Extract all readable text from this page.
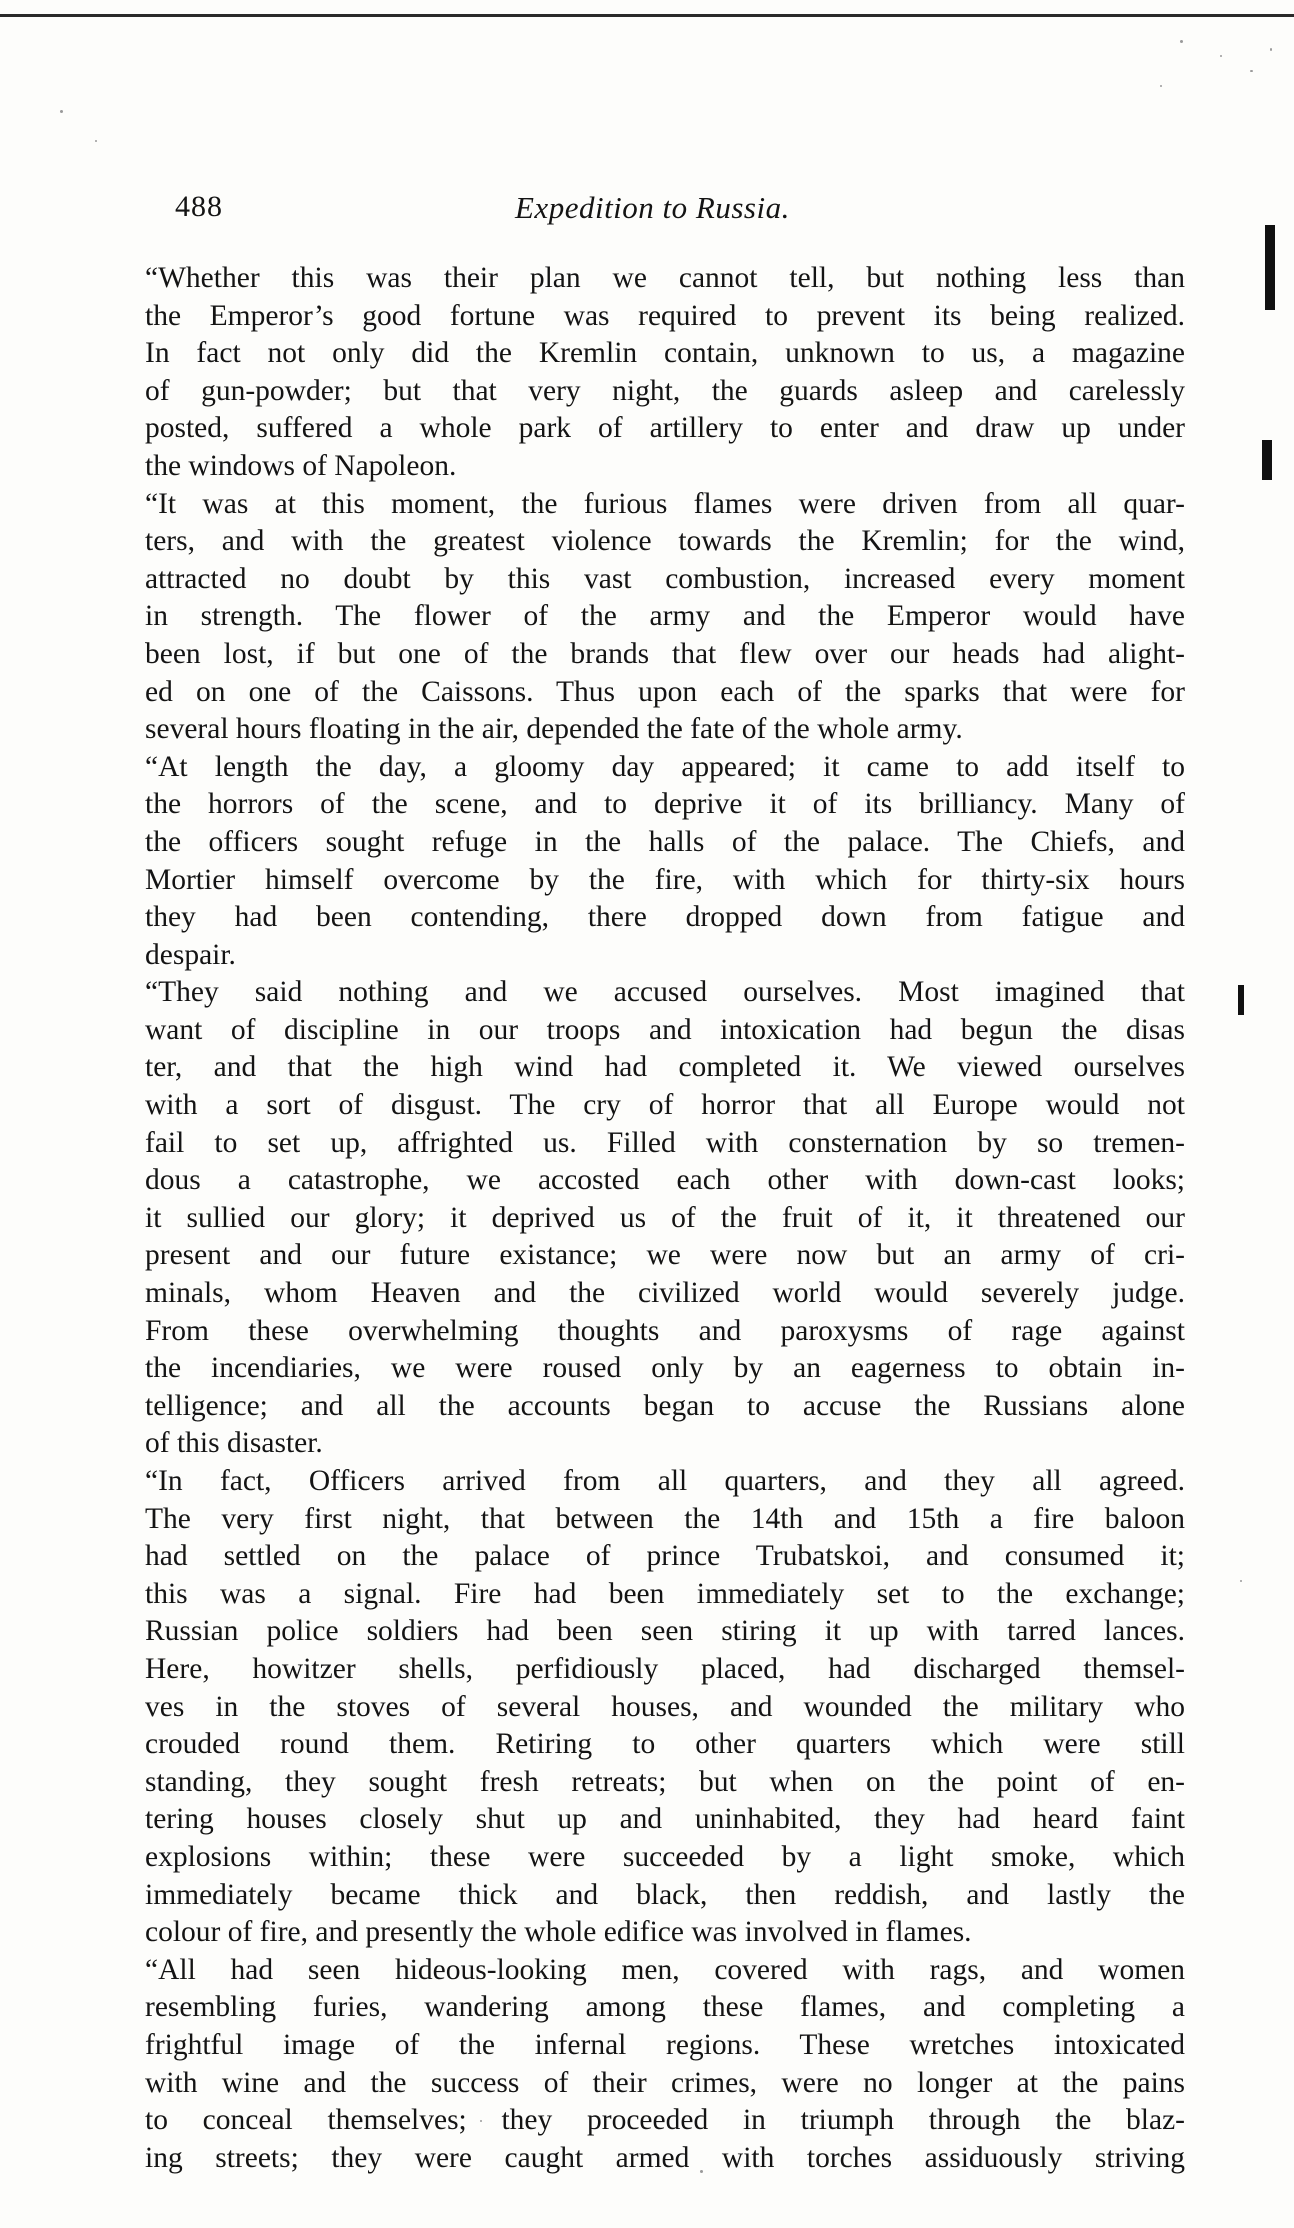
488	Expedition to Russia.
“Whether this was their plan we cannot tell, but nothing less than
the Emperor’s good fortune was required to prevent its being realized.
In fact not only did the Kremlin contain, unknown to us, a magazine
of gun-powder; but that very night, the guards asleep and carelessly
posted, suffered a whole park of artillery to enter and draw up under
the windows of Napoleon.
“It was at this moment, the furious flames were driven from all quar-
ters, and with the greatest violence towards the Kremlin; for the wind,
attracted no doubt by this vast combustion, increased every moment
in strength. The flower of the army and the Emperor would have
been lost, if but one of the brands that flew over our heads had alight-
ed on one of the Caissons. Thus upon each of the sparks that were for
several hours floating in the air, depended the fate of the whole army.
“At length the day, a gloomy day appeared; it came to add itself to
the horrors of the scene, and to deprive it of its brilliancy. Many of
the officers sought refuge in the halls of the palace. The Chiefs, and
Mortier himself overcome by the fire, with which for thirty-six hours
they had been contending, there dropped down from fatigue and
despair.
“They said nothing and we accused ourselves. Most imagined that
want of discipline in our troops and intoxication had begun the disas
ter, and that the high wind had completed it. We viewed ourselves
with a sort of disgust. The cry of horror that all Europe would not
fail to set up, affrighted us. Filled with consternation by so tremen-
dous a catastrophe, we accosted each other with down-cast looks;
it sullied our glory; it deprived us of the fruit of it, it threatened our
present and our future existance; we were now but an army of cri-
minals, whom Heaven and the civilized world would severely judge.
From these overwhelming thoughts and paroxysms of rage against
the incendiaries, we were roused only by an eagerness to obtain in-
telligence; and all the accounts began to accuse the Russians alone
of this disaster.
“In fact, Officers arrived from all quarters, and they all agreed.
The very first night, that between the 14th and 15th a fire baloon
had settled on the palace of prince Trubatskoi, and consumed it;
this was a signal. Fire had been immediately set to the exchange;
Russian police soldiers had been seen stiring it up with tarred lances.
Here, howitzer shells, perfidiously placed, had discharged themsel-
ves in the stoves of several houses, and wounded the military who
crouded round them. Retiring to other quarters which were still
standing, they sought fresh retreats; but when on the point of en-
tering houses closely shut up and uninhabited, they had heard faint
explosions within; these were succeeded by a light smoke, which
immediately became thick and black, then reddish, and lastly the
colour of fire, and presently the whole edifice was involved in flames.
“All had seen hideous-looking men, covered with rags, and women
resembling furies, wandering among these flames, and completing a
frightful image of the infernal regions. These wretches intoxicated
with wine and the success of their crimes, were no longer at the pains
to conceal themselves; they proceeded in triumph through the blaz-
ing streets; they were caught armed with torches assiduously striving
